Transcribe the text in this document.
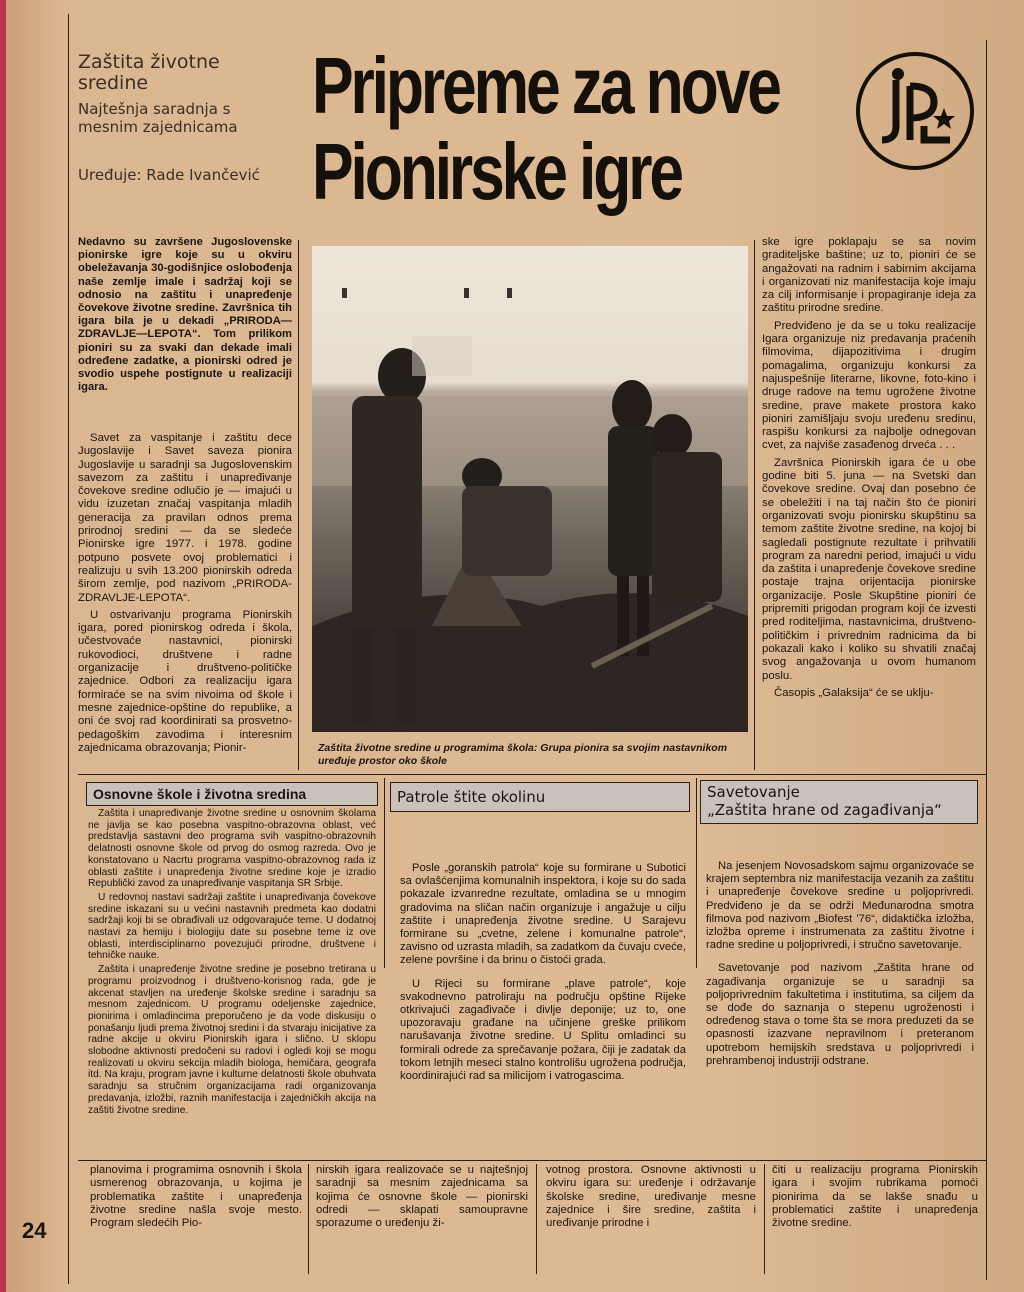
Zaštita životne sredine
Najtešnja saradnja s mesnim zajednicama
Uređuje: Rade Ivančević
Pripreme za nove
Pionirske igre
Nedavno su završene Jugoslovenske pionirske igre koje su u okviru obeležavanja 30-godišnjice oslobođenja naše zemlje imale i sadržaj koji se odnosio na zaštitu i unapređenje čovekove životne sredine. Završnica tih igara bila je u dekadi „PRIRODA—ZDRAVLJE—LEPOTA“. Tom prilikom pioniri su za svaki dan dekade imali određene zadatke, a pionirski odred je svodio uspehe postignute u realizaciji igara.

Savet za vaspitanje i zaštitu dece Jugoslavije i Savet saveza pionira Jugoslavije u saradnji sa Jugoslovenskim savezom za zaštitu i unapređivanje čovekove sredine odlučio je — imajući u vidu izuzetan značaj vaspitanja mladih generacija za pravilan odnos prema prirodnoj sredini — da se sledeće Pionirske igre 1977. i 1978. godine potpuno posvete ovoj problematici i realizuju u svih 13.200 pionirskih odreda širom zemlje, pod nazivom „PRIRODA-ZDRAVLJE-LEPOTA“.

U ostvarivanju programa Pionirskih igara, pored pionirskog odreda i škola, učestvovaće nastavnici, pionirski rukovodioci, društvene i radne organizacije i društveno-političke zajednice. Odbori za realizaciju igara formiraće se na svim nivoima od škole i mesne zajednice-opštine do republike, a oni će svoj rad koordinirati sa prosvetno-pedagoškim zavodima i interesnim zajednicama obrazovanja; Pionir-	Zaštita životne sredine u programima škola: Grupa pionira sa svojim nastavnikom uređuje prostor oko škole

ske igre poklapaju se sa novim graditeljske baštine; uz to, pioniri će se angažovati na radnim i sabirnim akcijama i organizovati niz manifestacija koje imaju za cilj informisanje i propagiranje ideja za zaštitu prirodne sredine.

Predviđeno je da se u toku realizacije Igara organizuje niz predavanja praćenih filmovima, dijapozitivima i drugim pomagalima, organizuju konkursi za najuspešnije literarne, likovne, foto-kino i druge radove na temu ugrožene životne sredine, prave makete prostora kako pioniri zamišljaju svoju uređenu sredinu, raspišu konkursi za najbolje odnegovan cvet, za najviše zasađenog drveća . . .

Završnica Pionirskih igara će u obe godine biti 5. juna — na Svetski dan čovekove sredine. Ovaj dan posebno će se obeležiti i na taj način što će pioniri organizovati svoju pionirsku skupštinu sa temom zaštite životne sredine, na kojoj bi sagledali postignute rezultate i prihvatili program za naredni period, imajući u vidu da zaštita i unapređenje čovekove sredine postaje trajna orijentacija pionirske organizacije. Posle Skupštine pioniri će pripremiti prigodan program koji će izvesti pred roditeljima, nastavnicima, društveno-političkim i privrednim radnicima da bi pokazali kako i koliko su shvatili značaj svog angažovanja u ovom humanom poslu.

Časopis „Galaksija“ će se uklju-

Osnovne škole i životna sredina

Zaštita i unapređivanje životne sredine u osnovnim školama ne javlja se kao posebna vaspitno-obrazovna oblast, već predstavlja sastavni deo programa svih vaspitno-obrazovnih delatnosti osnovne škole od prvog do osmog razreda. Ovo je konstatovano u Nacrtu programa vaspitno-obrazovnog rada iz oblasti zaštite i unapređenja životne sredine koje je izradio Republički zavod za unapređivanje vaspitanja SR Srbije.

U redovnoj nastavi sadržaji zaštite i unapređivanja čovekove sredine iskazani su u većini nastavnih predmeta kao dodatni sadržaji koji bi se obrađivali uz odgovarajuće teme. U dodatnoj nastavi za hemiju i biologiju date su posebne teme iz ove oblasti, interdisciplinarno povezujući prirodne, društvene i tehničke nauke.

Zaštita i unapređenje životne sredine je posebno tretirana u programu proizvodnog i društveno-korisnog rada, gde je akcenat stavljen na uređenje školske sredine i saradnju sa mesnom zajednicom. U programu odeljenske zajednice, pionirima i omladincima preporučeno je da vode diskusiju o ponašanju ljudi prema životnoj sredini i da stvaraju inicijative za radne akcije u okviru Pionirskih igara i slično. U sklopu slobodne aktivnosti predočeni su radovi i ogledi koji se mogu realizovati u okviru sekcija mladih biologa, hemičara, geografa itd. Na kraju, program javne i kulturne delatnosti škole obuhvata saradnju sa stručnim organizacijama radi organizovanja predavanja, izložbi, raznih manifestacija i zajedničkih akcija na zaštiti životne sredine.

Patrole štite okolinu

Posle „goranskih patrola“ koje su formirane u Subotici sa ovlašćenjima komunalnih inspektora, i koje su do sada pokazale izvanredne rezultate, omladina se u mnogim gradovima na sličan način organizuje i angažuje u cilju zaštite i unapređenja životne sredine. U Sarajevu formirane su „cvetne, zelene i komunalne patrole“, zavisno od uzrasta mladih, sa zadatkom da čuvaju cveće, zelene površine i da brinu o čistoći grada.

U Rijeci su formirane „plave patrole“, koje svakodnevno patroliraju na području opštine Rijeke otkrivajući zagađivače i divlje deponije; uz to, one upozoravaju građane na učinjene greške prilikom narušavanja životne sredine. U Splitu omladinci su formirali odrede za sprečavanje požara, čiji je zadatak da tokom letnjih meseci stalno kontrolišu ugrožena područja, koordinirajući rad sa milicijom i vatrogascima.

Savetovanje
„Zaštita hrane od zagađivanja“

Na jesenjem Novosadskom sajmu organizovaće se krajem septembra niz manifestacija vezanih za zaštitu i unapređenje čovekove sredine u poljoprivredi. Predviđeno je da se održi Međunarodna smotra filmova pod nazivom „Biofest '76“, didaktička izložba, izložba opreme i instrumenata za zaštitu životne i radne sredine u poljoprivredi, i stručno savetovanje.

Savetovanje pod nazivom „Zaštita hrane od zagađivanja organizuje se u saradnji sa poljoprivrednim fakultetima i institutima, sa ciljem da se dođe do saznanja o stepenu ugroženosti i određenog stava o tome šta se mora preduzeti da se opasnosti izazvane nepravilnom i preteranom upotrebom hemijskih sredstava u poljoprivredi i prehrambenoj industriji odstrane.

planovima i programima osnovnih i škola usmerenog obrazovanja, u kojima je problematika zaštite i unapređenja životne sredine našla svoje mesto. Program sledećih Pio-
nirskih igara realizovaće se u najtešnjoj saradnji sa mesnim zajednicama sa kojima će osnovne škole — pionirski odredi — sklapati samoupravne sporazume o uređenju ži-
votnog prostora. Osnovne aktivnosti u okviru igara su: uređenje i održavanje školske sredine, uređivanje mesne zajednice i šire sredine, zaštita i uređivanje prirodne i
čiti u realizaciju programa Pionirskih igara i svojim rubrikama pomoći pionirima da se lakše snađu u problematici zaštite i unapređenja životne sredine.
24
